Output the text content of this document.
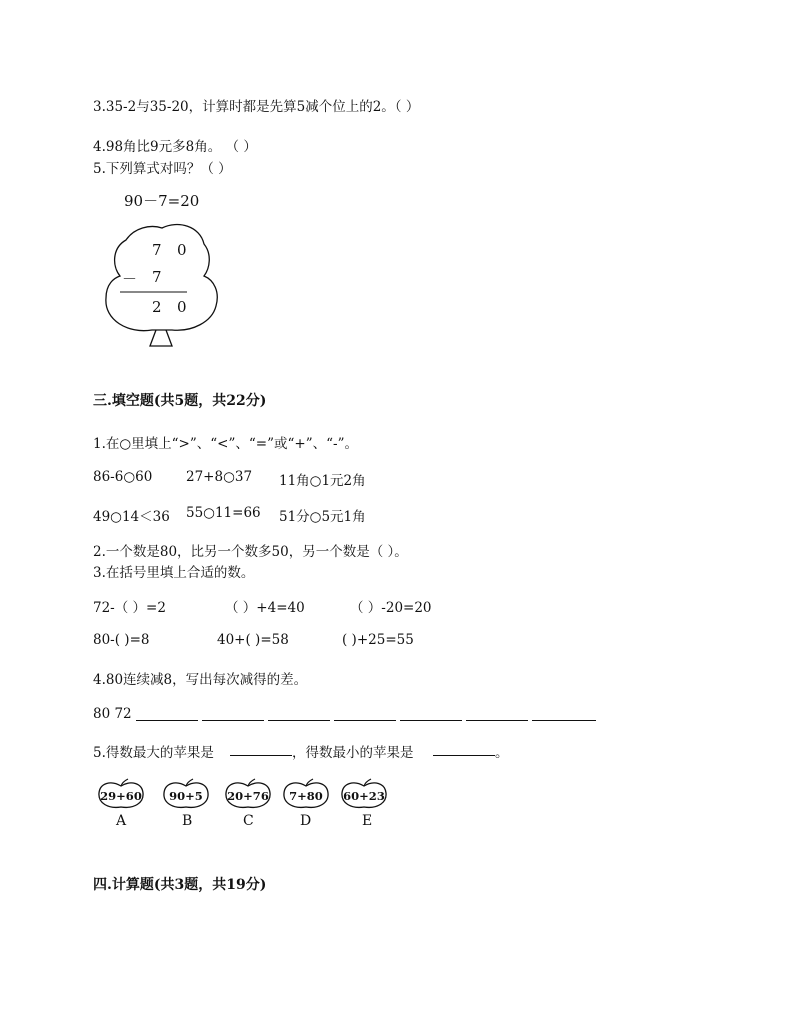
3.35-2与35-20，计算时都是先算5减个位上的2。（ ）
4.98角比9元多8角。 （ ）
5.下列算式对吗？（ ）
90－7=20
7 0
－ 7
2 0
三.填空题(共5题，共22分)
1.在○里填上“>”、“<”、“=”或“+”、“-”。
86-6○60 27+8○37 11角○1元2角
49○14＜36 55○11=66 51分○5元1角
2.一个数是80，比另一个数多50，另一个数是（ ）。
3.在括号里填上合适的数。
72-（ ）=2	（ ）+4=40	（ ）-20=20
80-( )=8	40+( )=58	( )+25=55
4.80连续减8，写出每次减得的差。
80 72
5.得数最大的苹果是	，得数最小的苹果是	。
29+60	90+5	20+76	7+80	60+23
A	B	C	D	E
四.计算题(共3题，共19分)
